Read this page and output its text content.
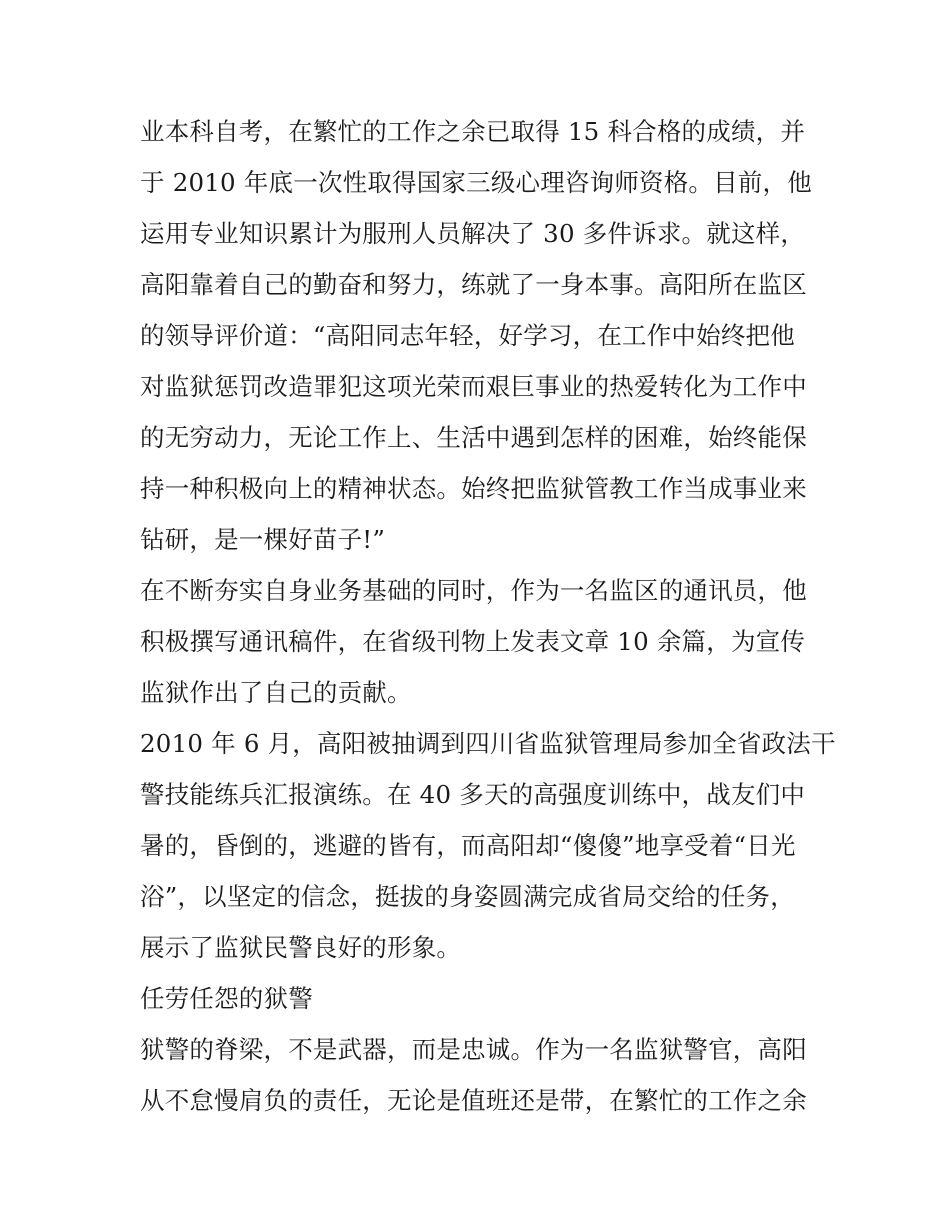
业本科自考，在繁忙的工作之余已取得 15 科合格的成绩，并
于 2010 年底一次性取得国家三级心理咨询师资格。目前，他
运用专业知识累计为服刑人员解决了 30 多件诉求。就这样，
高阳靠着自己的勤奋和努力，练就了一身本事。高阳所在监区
的领导评价道：“高阳同志年轻，好学习，在工作中始终把他
对监狱惩罚改造罪犯这项光荣而艰巨事业的热爱转化为工作中
的无穷动力，无论工作上、生活中遇到怎样的困难，始终能保
持一种积极向上的精神状态。始终把监狱管教工作当成事业来
钻研，是一棵好苗子!”
在不断夯实自身业务基础的同时，作为一名监区的通讯员，他
积极撰写通讯稿件，在省级刊物上发表文章 10 余篇，为宣传
监狱作出了自己的贡献。
2010 年 6 月，高阳被抽调到四川省监狱管理局参加全省政法干
警技能练兵汇报演练。在 40 多天的高强度训练中，战友们中
暑的，昏倒的，逃避的皆有，而高阳却“傻傻”地享受着“日光
浴”，以坚定的信念，挺拔的身姿圆满完成省局交给的任务，
展示了监狱民警良好的形象。
任劳任怨的狱警
狱警的脊梁，不是武器，而是忠诚。作为一名监狱警官，高阳
从不怠慢肩负的责任，无论是值班还是带，在繁忙的工作之余
